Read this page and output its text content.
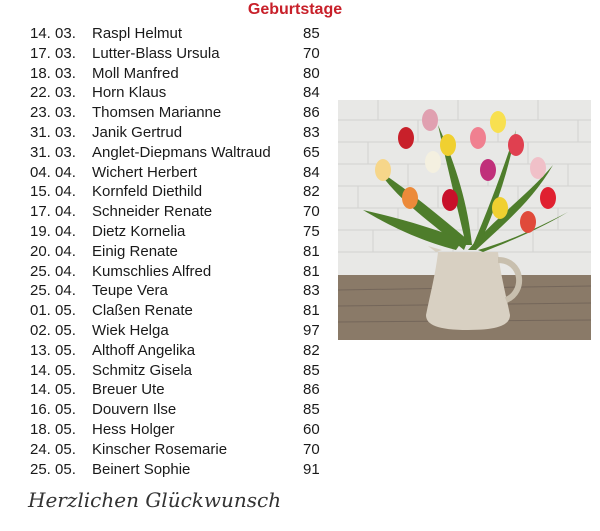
Geburtstage
14. 03. Raspl Helmut	85
17. 03. Lutter-Blass Ursula	70
18. 03. Moll Manfred	80
22. 03. Horn Klaus	84
23. 03. Thomsen Marianne	86
31. 03. Janik Gertrud	83
31. 03. Anglet-Diepmans Waltraud 65
04. 04. Wichert Herbert	84
15. 04. Kornfeld Diethild	82
17. 04. Schneider Renate	70
19. 04. Dietz Kornelia	75
20. 04. Einig Renate	81
25. 04. Kumschlies Alfred	81
25. 04. Teupe Vera	83
01. 05. Claßen Renate	81
02. 05. Wiek Helga	97
13. 05. Althoff Angelika	82
14. 05. Schmitz Gisela	85
14. 05. Breuer Ute	86
16. 05. Douvern Ilse	85
18. 05. Hess Holger	60
24. 05. Kinscher Rosemarie	70
25. 05. Beinert Sophie	91
Herzlichen Glückwunsch
